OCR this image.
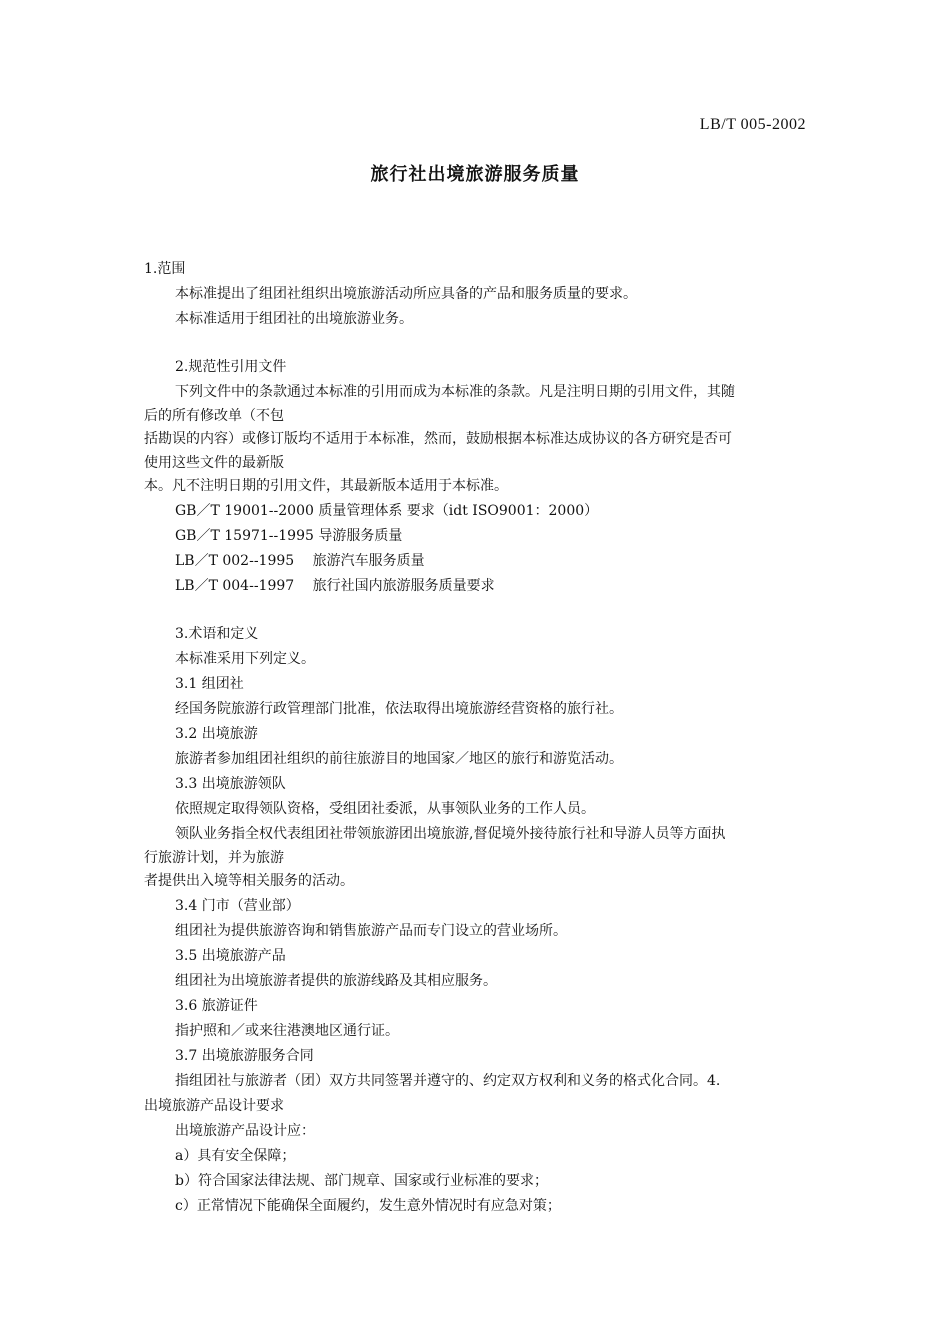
LB/T 005-2002
旅行社出境旅游服务质量
1.范围
本标准提出了组团社组织出境旅游活动所应具备的产品和服务质量的要求。
本标准适用于组团社的出境旅游业务。
2.规范性引用文件
下列文件中的条款通过本标准的引用而成为本标准的条款。凡是注明日期的引用文件，其随
后的所有修改单（不包
括勘误的内容）或修订版均不适用于本标准，然而，鼓励根据本标准达成协议的各方研究是否可
使用这些文件的最新版
本。凡不注明日期的引用文件，其最新版本适用于本标准。
GB／T 19001--2000 质量管理体系 要求（idt ISO9001：2000）
GB／T 15971--1995 导游服务质量
LB／T 002--1995　 旅游汽车服务质量
LB／T 004--1997　 旅行社国内旅游服务质量要求
3.术语和定义
本标准采用下列定义。
3.1 组团社
经国务院旅游行政管理部门批准，依法取得出境旅游经营资格的旅行社。
3.2 出境旅游
旅游者参加组团社组织的前往旅游目的地国家／地区的旅行和游览活动。
3.3 出境旅游领队
依照规定取得领队资格，受组团社委派，从事领队业务的工作人员。
领队业务指全权代表组团社带领旅游团出境旅游,督促境外接待旅行社和导游人员等方面执
行旅游计划，并为旅游
者提供出入境等相关服务的活动。
3.4 门市（营业部）
组团社为提供旅游咨询和销售旅游产品而专门设立的营业场所。
3.5 出境旅游产品
组团社为出境旅游者提供的旅游线路及其相应服务。
3.6 旅游证件
指护照和／或来往港澳地区通行证。
3.7 出境旅游服务合同
指组团社与旅游者（团）双方共同签署并遵守的、约定双方权利和义务的格式化合同。4.
出境旅游产品设计要求
出境旅游产品设计应：
a）具有安全保障；
b）符合国家法律法规、部门规章、国家或行业标准的要求；
c）正常情况下能确保全面履约，发生意外情况时有应急对策；
